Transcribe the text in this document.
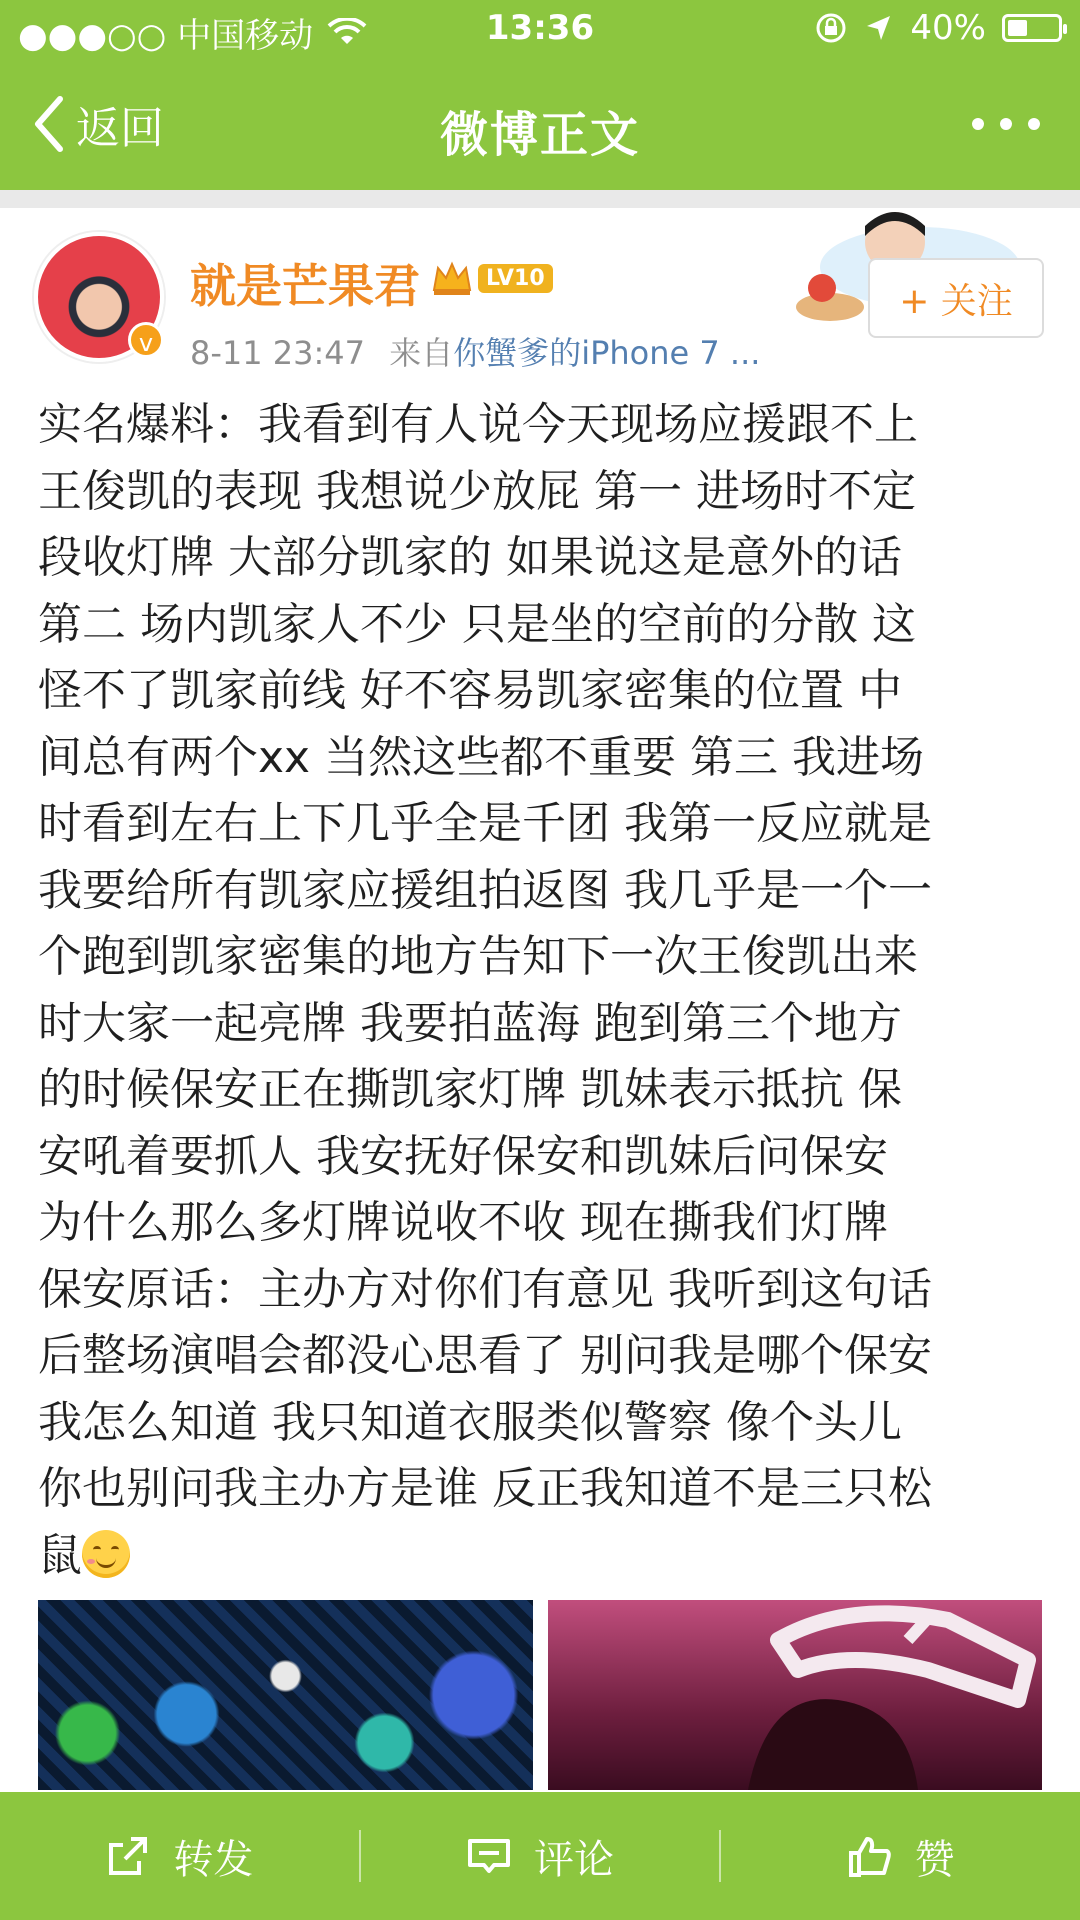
●●●○○ 中国移动	13:36	40%
返回	微博正文
v
就是芒果君	LV10
8-11 23:47 来自你蟹爹的iPhone 7 ...
+ 关注
实名爆料：我看到有人说今天现场应援跟不上
王俊凯的表现 我想说少放屁 第一 进场时不定
段收灯牌 大部分凯家的 如果说这是意外的话
第二 场内凯家人不少 只是坐的空前的分散 这
怪不了凯家前线 好不容易凯家密集的位置 中
间总有两个xx 当然这些都不重要 第三 我进场
时看到左右上下几乎全是千团 我第一反应就是
我要给所有凯家应援组拍返图 我几乎是一个一
个跑到凯家密集的地方告知下一次王俊凯出来
时大家一起亮牌 我要拍蓝海 跑到第三个地方
的时候保安正在撕凯家灯牌 凯妹表示抵抗 保
安吼着要抓人 我安抚好保安和凯妹后问保安
为什么那么多灯牌说收不收 现在撕我们灯牌
保安原话：主办方对你们有意见 我听到这句话
后整场演唱会都没心思看了 别问我是哪个保安
我怎么知道 我只知道衣服类似警察 像个头儿
你也别问我主办方是谁 反正我知道不是三只松
鼠
转发	评论	赞
